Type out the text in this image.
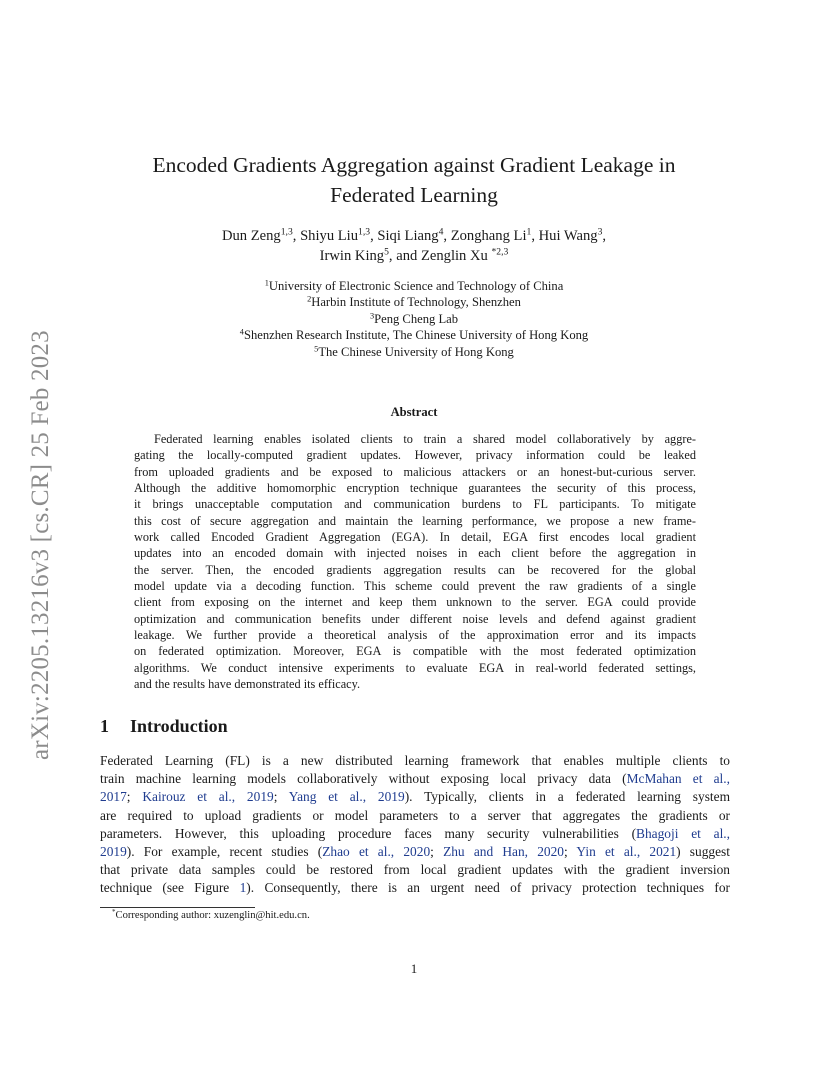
arXiv:2205.13216v3 [cs.CR] 25 Feb 2023
Encoded Gradients Aggregation against Gradient Leakage in
Federated Learning
Dun Zeng$^{1,3}$, Shiyu Liu$^{1,3}$, Siqi Liang$^4$, Zonghang Li$^1$, Hui Wang$^3$,
Irwin King$^5$, and Zenglin Xu $^{*2,3}$
$^1$University of Electronic Science and Technology of China
$^2$Harbin Institute of Technology, Shenzhen
$^3$Peng Cheng Lab
$^4$Shenzhen Research Institute, The Chinese University of Hong Kong
$^5$The Chinese University of Hong Kong
Abstract
Federated learning enables isolated clients to train a shared model collaboratively by aggre-
gating the locally-computed gradient updates. However, privacy information could be leaked
from uploaded gradients and be exposed to malicious attackers or an honest-but-curious server.
Although the additive homomorphic encryption technique guarantees the security of this process,
it brings unacceptable computation and communication burdens to FL participants. To mitigate
this cost of secure aggregation and maintain the learning performance, we propose a new frame-
work called Encoded Gradient Aggregation (EGA). In detail, EGA first encodes local gradient
updates into an encoded domain with injected noises in each client before the aggregation in
the server. Then, the encoded gradients aggregation results can be recovered for the global
model update via a decoding function. This scheme could prevent the raw gradients of a single
client from exposing on the internet and keep them unknown to the server. EGA could provide
optimization and communication benefits under different noise levels and defend against gradient
leakage. We further provide a theoretical analysis of the approximation error and its impacts
on federated optimization. Moreover, EGA is compatible with the most federated optimization
algorithms. We conduct intensive experiments to evaluate EGA in real-world federated settings,
and the results have demonstrated its efficacy.
1 Introduction
Federated Learning (FL) is a new distributed learning framework that enables multiple clients to
train machine learning models collaboratively without exposing local privacy data (McMahan et al.,
2017; Kairouz et al., 2019; Yang et al., 2019). Typically, clients in a federated learning system
are required to upload gradients or model parameters to a server that aggregates the gradients or
parameters. However, this uploading procedure faces many security vulnerabilities (Bhagoji et al.,
2019). For example, recent studies (Zhao et al., 2020; Zhu and Han, 2020; Yin et al., 2021) suggest
that private data samples could be restored from local gradient updates with the gradient inversion
technique (see Figure 1). Consequently, there is an urgent need of privacy protection techniques for
*Corresponding author: xuzenglin@hit.edu.cn.
1
